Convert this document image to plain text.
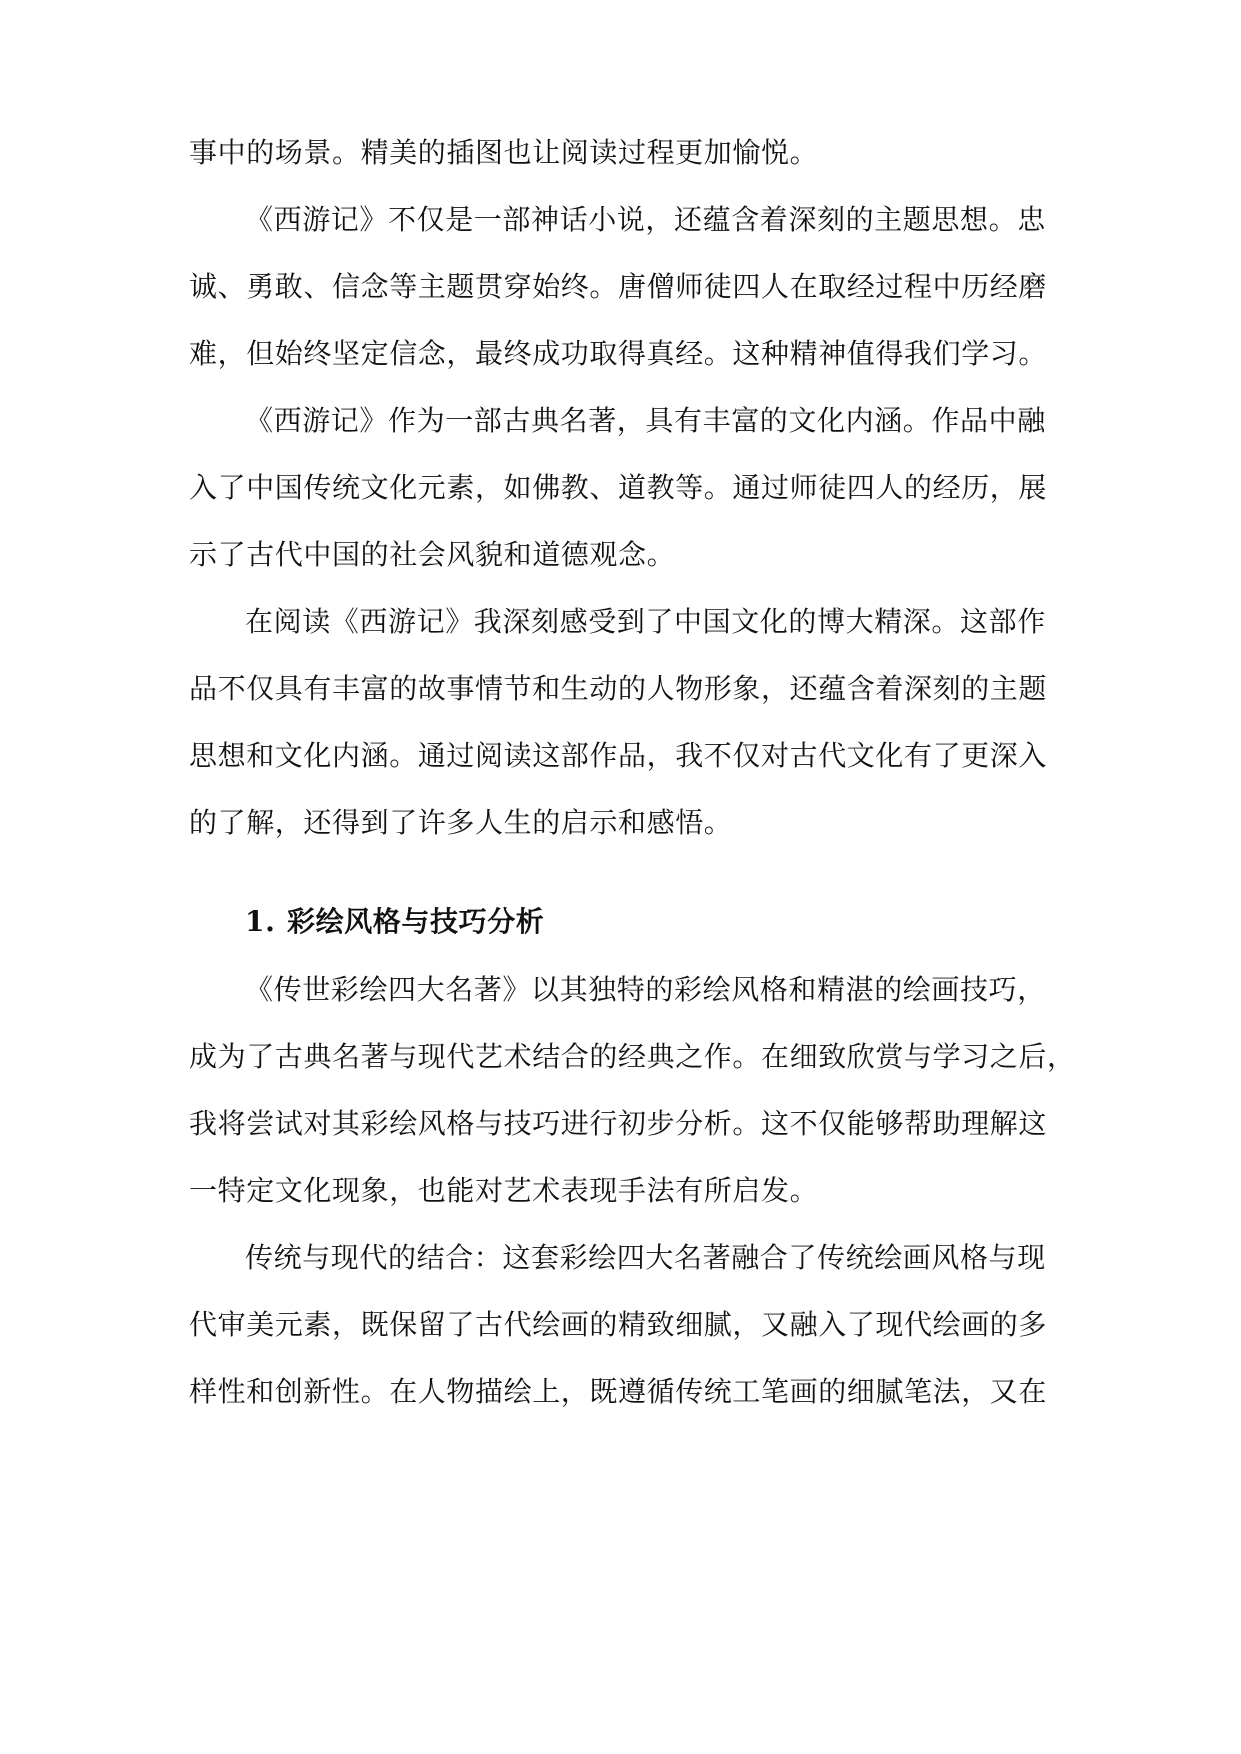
事中的场景。精美的插图也让阅读过程更加愉悦。
《西游记》不仅是一部神话小说，还蕴含着深刻的主题思想。忠
诚、勇敢、信念等主题贯穿始终。唐僧师徒四人在取经过程中历经磨
难，但始终坚定信念，最终成功取得真经。这种精神值得我们学习。
《西游记》作为一部古典名著，具有丰富的文化内涵。作品中融
入了中国传统文化元素，如佛教、道教等。通过师徒四人的经历，展
示了古代中国的社会风貌和道德观念。
在阅读《西游记》我深刻感受到了中国文化的博大精深。这部作
品不仅具有丰富的故事情节和生动的人物形象，还蕴含着深刻的主题
思想和文化内涵。通过阅读这部作品，我不仅对古代文化有了更深入
的了解，还得到了许多人生的启示和感悟。
1. 彩绘风格与技巧分析
《传世彩绘四大名著》以其独特的彩绘风格和精湛的绘画技巧，
成为了古典名著与现代艺术结合的经典之作。在细致欣赏与学习之后，
我将尝试对其彩绘风格与技巧进行初步分析。这不仅能够帮助理解这
一特定文化现象，也能对艺术表现手法有所启发。
传统与现代的结合：这套彩绘四大名著融合了传统绘画风格与现
代审美元素，既保留了古代绘画的精致细腻，又融入了现代绘画的多
样性和创新性。在人物描绘上，既遵循传统工笔画的细腻笔法，又在
